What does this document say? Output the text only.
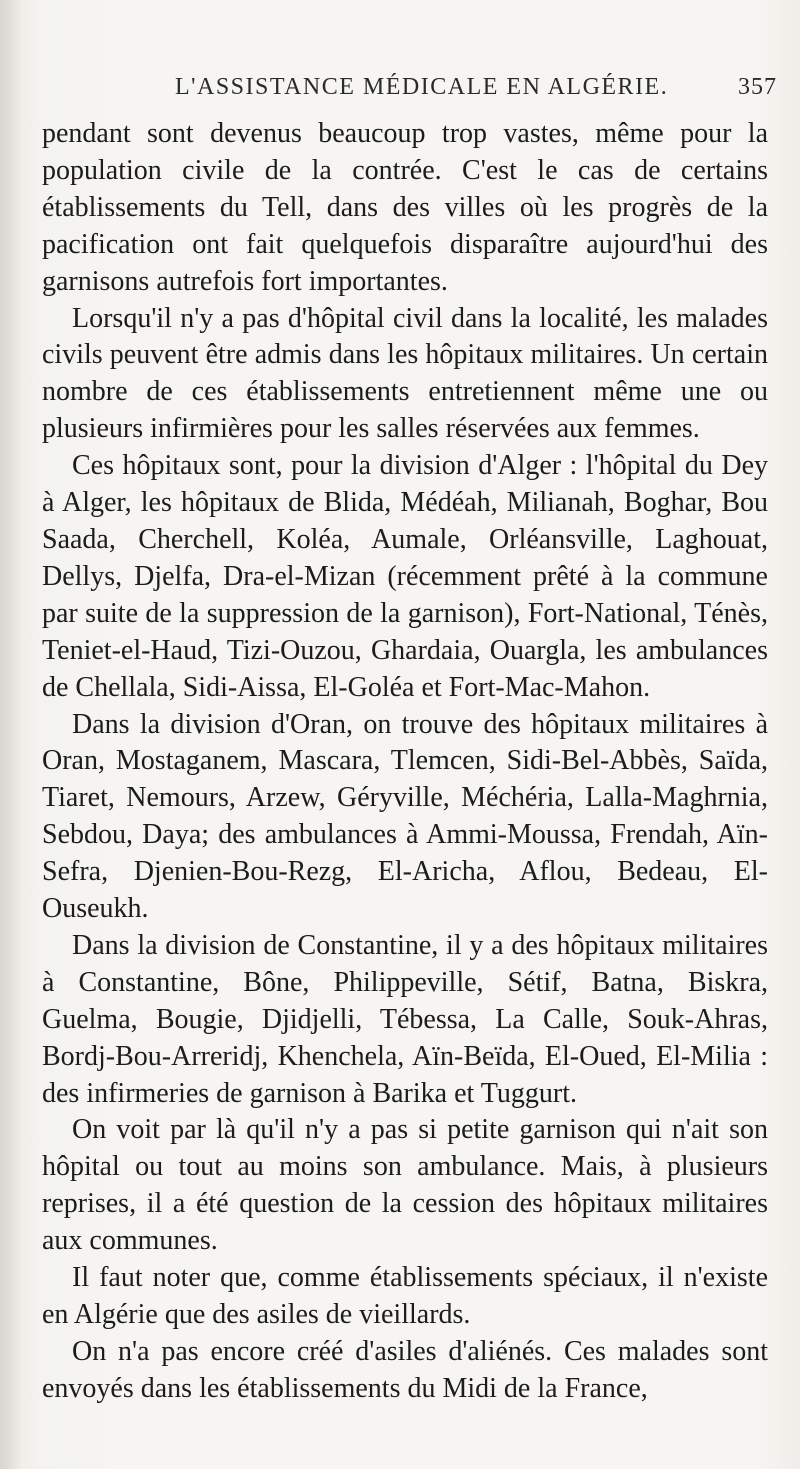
L'ASSISTANCE MÉDICALE EN ALGÉRIE.	357

pendant sont devenus beaucoup trop vastes, même pour la population civile de la contrée. C'est le cas de certains établissements du Tell, dans des villes où les progrès de la pacification ont fait quelquefois disparaître aujourd'hui des garnisons autrefois fort importantes.

Lorsqu'il n'y a pas d'hôpital civil dans la localité, les malades civils peuvent être admis dans les hôpitaux militaires. Un certain nombre de ces établissements entretiennent même une ou plusieurs infirmières pour les salles réservées aux femmes.

Ces hôpitaux sont, pour la division d'Alger : l'hôpital du Dey à Alger, les hôpitaux de Blida, Médéah, Milianah, Boghar, Bou Saada, Cherchell, Koléa, Aumale, Orléansville, Laghouat, Dellys, Djelfa, Dra-el-Mizan (récemment prêté à la commune par suite de la suppression de la garnison), Fort-National, Ténès, Teniet-el-Haud, Tizi-Ouzou, Ghardaia, Ouargla, les ambulances de Chellala, Sidi-Aissa, El-Goléa et Fort-Mac-Mahon.

Dans la division d'Oran, on trouve des hôpitaux militaires à Oran, Mostaganem, Mascara, Tlemcen, Sidi-Bel-Abbès, Saïda, Tiaret, Nemours, Arzew, Géryville, Méchéria, Lalla-Maghrnia, Sebdou, Daya; des ambulances à Ammi-Moussa, Frendah, Aïn-Sefra, Djenien-Bou-Rezg, El-Aricha, Aflou, Bedeau, El-Ouseukh.

Dans la division de Constantine, il y a des hôpitaux militaires à Constantine, Bône, Philippeville, Sétif, Batna, Biskra, Guelma, Bougie, Djidjelli, Tébessa, La Calle, Souk-Ahras, Bordj-Bou-Arreridj, Khenchela, Aïn-Beïda, El-Oued, El-Milia : des infirmeries de garnison à Barika et Tuggurt.

On voit par là qu'il n'y a pas si petite garnison qui n'ait son hôpital ou tout au moins son ambulance. Mais, à plusieurs reprises, il a été question de la cession des hôpitaux militaires aux communes.

Il faut noter que, comme établissements spéciaux, il n'existe en Algérie que des asiles de vieillards.

On n'a pas encore créé d'asiles d'aliénés. Ces malades sont envoyés dans les établissements du Midi de la France,
